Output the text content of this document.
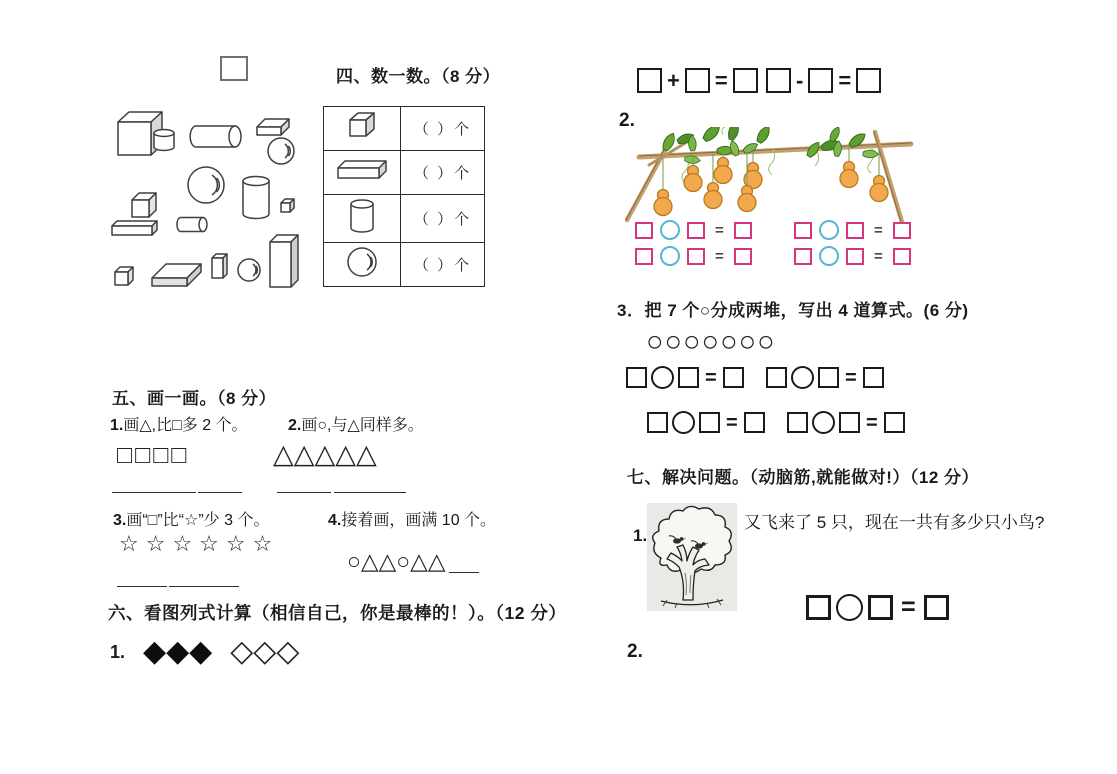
四、数一数。（8 分）
	（ ）个
	（ ）个
	（ ）个
	（ ）个
五、画一画。（8 分）
1.画△,比□多 2 个。	2.画○,与△同样多。
□□□□	△△△△△
3.画“□”比“☆”少 3 个。	4.接着画，画满 10 个。
☆☆☆☆☆☆
○△△○△△
六、看图列式计算（相信自己，你是最棒的！）。（12 分）
1. ◆◆◆ ◇◇◇
+ =	- =
2.
=	=
=	=
3．把 7 个○分成两堆，写出 4 道算式。(6 分)
○○○○○○○
=	=
=	=
七、解决问题。（动脑筋,就能做对!）（12 分）
1.
又飞来了 5 只，现在一共有多少只小鸟?
=
2.
